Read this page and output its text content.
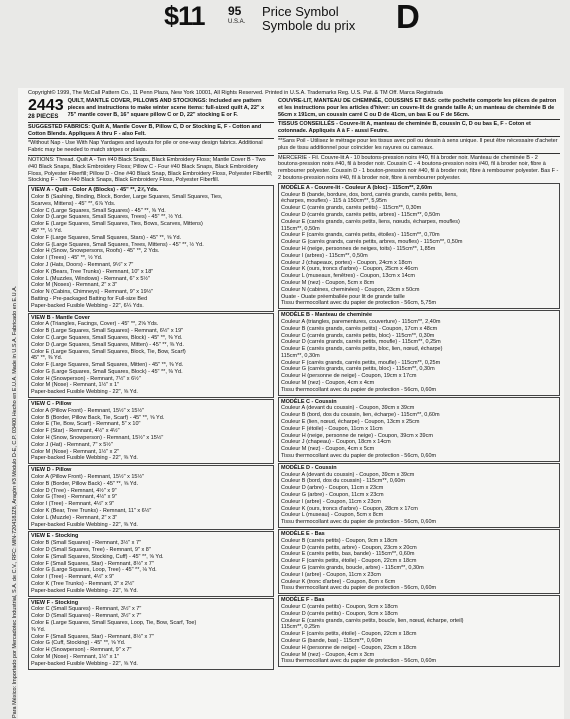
$11 95
U.S.A.
Price Symbol
Symbole du prix D
Para México: Importado por Mercadotec Industrial, S.A. de C.V., RFC: MIN-720418JZ8, Aragón #3 Módulo D-E, C.P. 03400 Hecho en E.U.A. Made in U.S.A. Fabricado en E.U.A.
Copyright© 1999, The McCall Pattern Co., 11 Penn Plaza, New York 10001, All Rights Reserved. Printed in U.S.A. Trademarks Reg. U.S. Pat. & TM Off. Marca Registrada
2443
28 PIECES
QUILT, MANTLE COVER, PILLOWS AND STOCKINGS: Included are pattern pieces and instructions to make winter scene items: full-sized quilt A, 22" x 75" mantle cover B, 16" square pillow C or D, 22" stocking E or F.
SUGGESTED FABRICS: Quilt A, Mantle Cover B, Pillow C, D or Stocking E, F - Cotton and Cotton Blends. Appliques A thru F - also Felt.
*Without Nap - Use With Nap Yardages and layouts for pile or one-way design fabrics. Additional Fabric may be needed to match stripes or plaids.
NOTIONS: Thread. Quilt A - Ten #40 Black Snaps, Black Embroidery Floss; Mantle Cover B - Two #40 Black Snaps, Black Embroidery Floss; Pillow C - Four #40 Black Snaps, Black Embroidery Floss, Polyester Fiberfill; Pillow D - One #40 Black Snap, Black Embroidery Floss, Polyester Fiberfill; Stocking F - Two #40 Black Snaps, Black Embroidery Floss, Polyester Fiberfill.
VIEW A - Quilt - Color A (Blocks) - 45" **, 2⅞ Yds.
Color B (Sashing, Binding, Block, Border, Large Squares, Small Squares, Ties,
Scarves, Mittens) - 45" **, 6⅞ Yds.
Color C (Large Squares, Small Squares) - 45" **, ⅝ Yd.
Color D (Large Squares, Small Squares, Trees) - 45" **, ½ Yd.
Color E (Large Squares, Small Squares, Ties, Bows, Scarves, Mittens)
45" **, ½ Yd.
Color F (Large Squares, Small Squares, Stars) - 45" **, ⅝ Yd.
Color G (Large Squares, Small Squares, Trees, Mittens) - 45" **, ½ Yd.
Color H (Snow, Snowpersons, Roofs) - 45" **, 2 Yds.
Color I (Trees) - 45" **, ½ Yd.
Color J (Hats, Doors) - Remnant, 9½" x 7"
Color K (Bears, Tree Trunks) - Remnant, 10" x 18"
Color L (Muzzles, Windows) - Remnant, 6" x 5½"
Color M (Noses) - Remnant, 2" x 3"
Color N (Cabins, Chimneys) - Remnant, 9" x 19½"
Batting - Pre-packaged Batting for Full-size Bed
Paper-backed Fusible Webbing - 22", 6¼ Yds.
VIEW B - Mantle Cover
Color A (Triangles, Facings, Cover) - 45" **, 2⅝ Yds.
Color B (Large Squares, Small Squares) - Remnant, 6½" x 19"
Color C (Large Squares, Small Squares, Block) - 45" **, ⅜ Yd.
Color D (Large Squares, Small Squares, Mitten) - 45" **, ⅜ Yd.
Color E (Large Squares, Small Squares, Block, Tie, Bow, Scarf)
45" **, ⅜ Yd.
Color F (Large Squares, Small Squares, Mitten) - 45" **, ⅜ Yd.
Color G (Large Squares, Small Squares, Block) - 45" **, ⅜ Yd.
Color H (Snowperson) - Remnant, 7½" x 6½"
Color M (Nose) - Remnant, 1½" x 1"
Paper-backed Fusible Webbing - 22", ⅝ Yd.
VIEW C - Pillow
Color A (Pillow Front) - Remnant, 15½" x 15½"
Color B (Border, Pillow Back, Tie, Scarf) - 45" **, ⅝ Yd.
Color E (Tie, Bow, Scarf) - Remnant, 5" x 10"
Color F (Star) - Remnant, 4½" x 4½"
Color H (Snow, Snowperson) - Remnant, 15½" x 15½"
Color J (Hat) - Remnant, 7" x 5½"
Color M (Nose) - Remnant, 1½" x 2"
Paper-backed Fusible Webbing - 22", ⅜ Yd.
VIEW D - Pillow
Color A (Pillow Front) - Remnant, 15½" x 15½"
Color B (Border, Pillow Back) - 45" **, ⅝ Yd.
Color D (Tree) - Remnant, 4½" x 9"
Color G (Tree) - Remnant, 4½" x 9"
Color I (Tree) - Remnant, 4½" x 9"
Color K (Bear, Tree Trunks) - Remnant, 11" x 6½"
Color L (Muzzle) - Remnant, 2" x 3"
Paper-backed Fusible Webbing - 22", ⅜ Yd.
VIEW E - Stocking
Color B (Small Squares) - Remnant, 3½" x 7"
Color D (Small Squares, Tree) - Remnant, 9" x 8"
Color E (Small Squares, Stocking, Cuff) - 45" **, ⅝ Yd.
Color F (Small Squares, Star) - Remnant, 8½" x 7"
Color G (Large Squares, Loop, Tree) - 45" **, ⅛ Yd.
Color I (Tree) - Remnant, 4½" x 9"
Color K (Tree Trunks) - Remnant, 3" x 2½"
Paper-backed Fusible Webbing - 22", ⅝ Yd.
VIEW F - Stocking
Color C (Small Squares) - Remnant, 3½" x 7"
Color D (Small Squares) - Remnant, 3½" x 7"
Color E (Large Squares, Small Squares, Loop, Tie, Bow, Scarf, Toe)
⅜ Yd.
Color F (Small Squares, Star) - Remnant, 8½" x 7"
Color G (Cuff, Stocking) - 45" **, ⅝ Yd.
Color H (Snowperson) - Remnant, 9" x 7"
Color M (Nose) - Remnant, 1½" x 1"
Paper-backed Fusible Webbing - 22", ⅝ Yd.
COUVRE-LIT, MANTEAU DE CHEMINÉE, COUSSINS ET BAS: cette pochette comporte les pièces de patron et les instructions pour les articles d'hiver: un couvre-lit de grande taille A; un manteau de cheminée B de 56cm x 191cm, un coussin carré C ou D de 41cm, un bas E ou F de 56cm.
TISSUS CONSEILLÉS - Couvre-lit A, manteau de cheminée B, coussin C, D ou bas E, F - Coton et cotonnade. Appliqués A à F - aussi Feutre.
**Sans Poil - Utilisez le métrage pour les tissus avec poil ou dessin à sens unique. Il peut être nécessaire d'acheter plus de tissu additionnel pour coïncider les rayures ou carreaux.
MERCERIE - Fil. Couvre-lit A - 10 boutons-pression noirs #40, fil à broder noir. Manteau de cheminée B - 2 boutons-pression noirs #40, fil à broder noir. Coussin C - 4 boutons-pression noirs #40, fil à broder noir, fibre à rembourrer polyester. Coussin D - 1 bouton-pression noir #40, fil à broder noir, fibre à rembourrer polyester. Bas F - 2 boutons-pression noirs #40, fil à broder noir, fibre à rembourrer polyester.
MODÈLE A - Couvre-lit - Couleur A (bloc) - 115cm**, 2,60m
Couleur B (bande, bordure, dos, bord, carrés grands, carrés petits, liens,
écharpes, moufles) - 115 à 150cm**, 5,95m
Couleur C (carrés grands, carrés petits) - 115cm**, 0,30m
Couleur D (carrés grands, carrés petits, arbres) - 115cm**, 0,50m
Couleur E (carrés grands, carrés petits, liens, nœuds, écharpes, moufles)
115cm**, 0,50m
Couleur F (carrés grands, carrés petits, étoiles) - 115cm**, 0,70m
Couleur G (carrés grands, carrés petits, arbres, moufles) - 115cm**, 0,50m
Couleur H (neige, personnes de neiges, toits) - 115cm**, 1,85m
Couleur I (arbres) - 115cm**, 0,50m
Couleur J (chapeaux, portes) - Coupon, 24cm x 18cm
Couleur K (ours, troncs d'arbre) - Coupon, 25cm x 46cm
Couleur L (museaux, fenêtres) - Coupon, 13cm x 14cm
Couleur M (nez) - Coupon, 5cm x 8cm
Couleur N (cabines, cheminées) - Coupon, 23cm x 50cm
Ouate - Ouate préemballée pour lit de grande taille
Tissu thermocollant avec du papier de protection - 56cm, 5,75m
MODÈLE B - Manteau de cheminée
Couleur A (triangles, parementures, couverture) - 115cm**, 2,40m
Couleur B (carrés grands, carrés petits) - Coupon, 17cm x 48cm
Couleur C (carrés grands, carrés petits, bloc) - 115cm**, 0,30m
Couleur D (carrés grands, carrés petits, moufle) - 115cm**, 0,25m
Couleur E (carrés grands, carrés petits, bloc, lien, nœud, écharpe)
115cm**, 0,30m
Couleur F (carrés grands, carrés petits, moufle) - 115cm**, 0,25m
Couleur G (carrés grands, carrés petits, bloc) - 115cm**, 0,30m
Couleur H (personne de neige) - Coupon, 19cm x 17cm
Couleur M (nez) - Coupon, 4cm x 4cm
Tissu thermocollant avec du papier de protection - 56cm, 0,60m
MODÈLE C - Coussin
Couleur A (devant du coussin) - Coupon, 39cm x 39cm
Couleur B (bord, dos du coussin, lien, écharpe) - 115cm**, 0,60m
Couleur E (lien, nœud, écharpe) - Coupon, 13cm x 25cm
Couleur F (étoile) - Coupon, 11cm x 11cm
Couleur H (neige, personne de neige) - Coupon, 39cm x 39cm
Couleur J (chapeau) - Coupon, 18cm x 14cm
Couleur M (nez) - Coupon, 4cm x 5cm
Tissu thermocollant avec du papier de protection - 56cm, 0,60m
MODÈLE D - Coussin
Couleur A (devant du coussin) - Coupon, 39cm x 39cm
Couleur B (bord, dos du coussin) - 115cm**, 0,60m
Couleur D (arbre) - Coupon, 11cm x 23cm
Couleur G (arbre) - Coupon, 11cm x 23cm
Couleur I (arbre) - Coupon, 11cm x 23cm
Couleur K (ours, troncs d'arbre) - Coupon, 28cm x 17cm
Couleur L (museau) - Coupon, 5cm x 8cm
Tissu thermocollant avec du papier de protection - 56cm, 0,60m
MODÈLE E - Bas
Couleur B (carrés petits) - Coupon, 9cm x 18cm
Couleur D (carrés petits, arbre) - Coupon, 23cm x 20cm
Couleur E (carrés petits, bas, bande) - 115cm**, 0,60m
Couleur F (carrés petits, étoile) - Coupon, 22cm x 18cm
Couleur G (carrés grands, boucle, arbre) - 115cm**, 0,30m
Couleur I (arbre) - Coupon, 11cm x 23cm
Couleur K (tronc d'arbre) - Coupon, 8cm x 6cm
Tissu thermocollant avec du papier de protection - 56cm, 0,60m
MODÈLE F - Bas
Couleur C (carrés petits) - Coupon, 9cm x 18cm
Couleur D (carrés petits) - Coupon, 9cm x 18cm
Couleur E (carrés grands, carrés petits, boucle, lien, nœud, écharpe, orteil)
115cm**, 0,25m
Couleur F (carrés petits, étoile) - Coupon, 22cm x 18cm
Couleur G (bande, bas) - 115cm**, 0,60m
Couleur H (personne de neige) - Coupon, 23cm x 18cm
Couleur M (nez) - Coupon, 4cm x 3cm
Tissu thermocollant avec du papier de protection - 56cm, 0,60m
